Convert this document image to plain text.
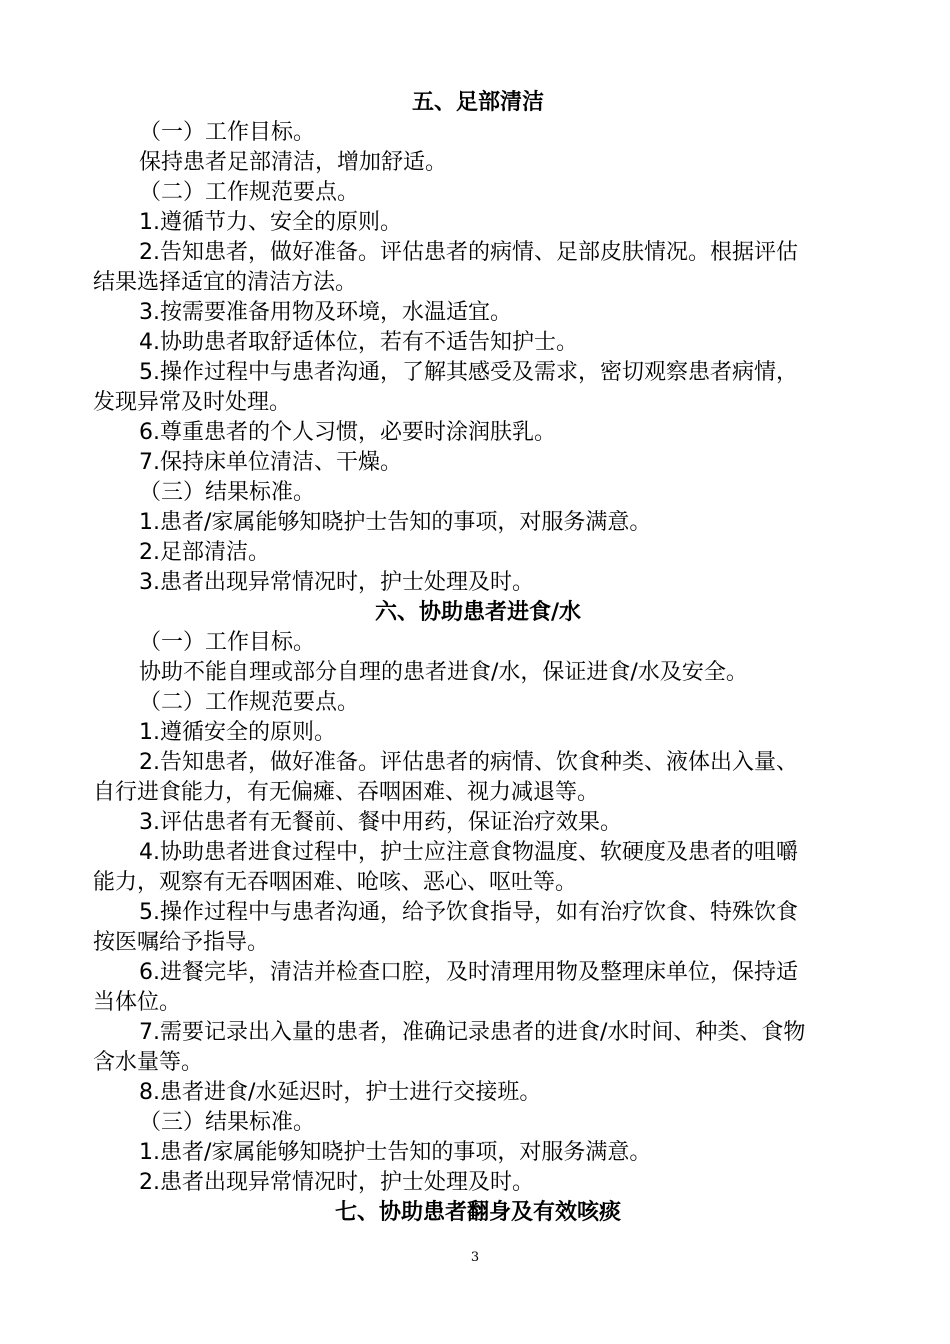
五、足部清洁
（一）工作目标。
保持患者足部清洁，增加舒适。
（二）工作规范要点。
1.遵循节力、安全的原则。
2.告知患者，做好准备。评估患者的病情、足部皮肤情况。根据评估
结果选择适宜的清洁方法。
3.按需要准备用物及环境，水温适宜。
4.协助患者取舒适体位，若有不适告知护士。
5.操作过程中与患者沟通，了解其感受及需求，密切观察患者病情，
发现异常及时处理。
6.尊重患者的个人习惯，必要时涂润肤乳。
7.保持床单位清洁、干燥。
（三）结果标准。
1.患者/家属能够知晓护士告知的事项，对服务满意。
2.足部清洁。
3.患者出现异常情况时，护士处理及时。
六、协助患者进食/水
（一）工作目标。
协助不能自理或部分自理的患者进食/水，保证进食/水及安全。
（二）工作规范要点。
1.遵循安全的原则。
2.告知患者，做好准备。评估患者的病情、饮食种类、液体出入量、
自行进食能力，有无偏瘫、吞咽困难、视力减退等。
3.评估患者有无餐前、餐中用药，保证治疗效果。
4.协助患者进食过程中，护士应注意食物温度、软硬度及患者的咀嚼
能力，观察有无吞咽困难、呛咳、恶心、呕吐等。
5.操作过程中与患者沟通，给予饮食指导，如有治疗饮食、特殊饮食
按医嘱给予指导。
6.进餐完毕，清洁并检查口腔，及时清理用物及整理床单位，保持适
当体位。
7.需要记录出入量的患者，准确记录患者的进食/水时间、种类、食物
含水量等。
8.患者进食/水延迟时，护士进行交接班。
（三）结果标准。
1.患者/家属能够知晓护士告知的事项，对服务满意。
2.患者出现异常情况时，护士处理及时。
七、协助患者翻身及有效咳痰
3
